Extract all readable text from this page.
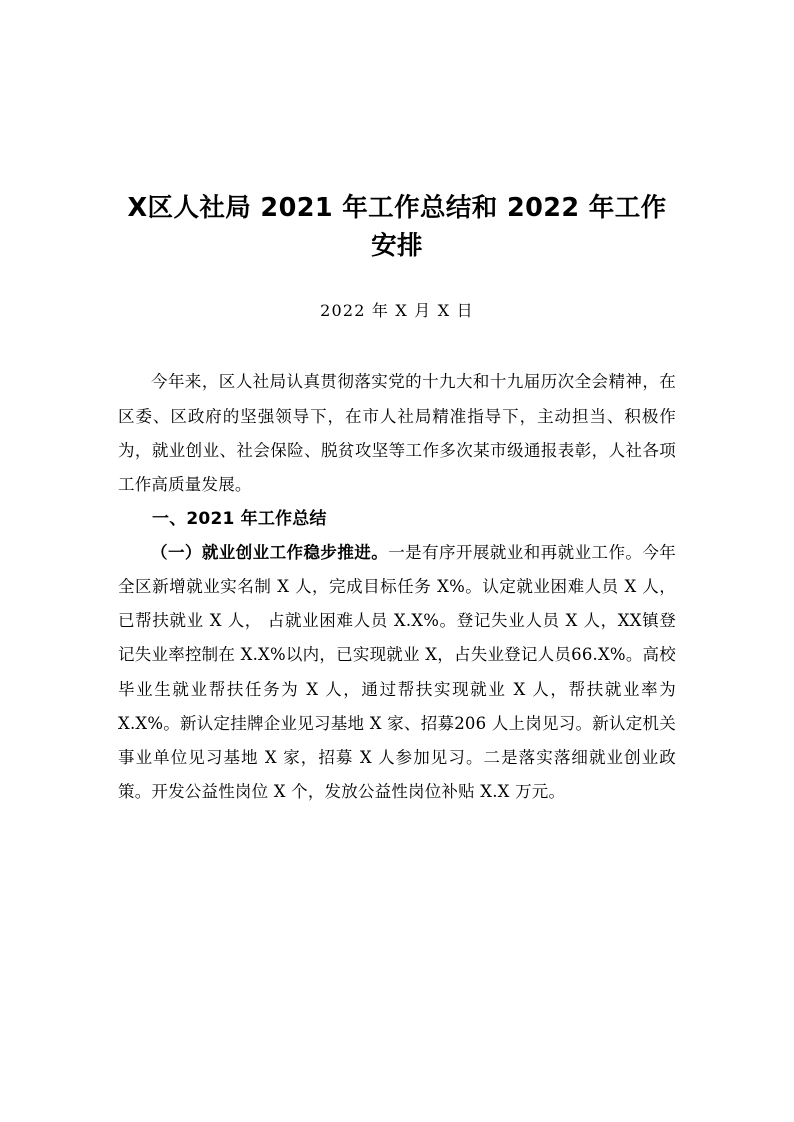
X区人社局 2021 年工作总结和 2022 年工作安排

2022 年 X 月 X 日

今年来，区人社局认真贯彻落实党的十九大和十九届历次全会精神，在区委、区政府的坚强领导下，在市人社局精准指导下，主动担当、积极作为，就业创业、社会保险、脱贫攻坚等工作多次某市级通报表彰，人社各项工作高质量发展。

一、2021 年工作总结

（一）就业创业工作稳步推进。一是有序开展就业和再就业工作。今年全区新增就业实名制 X 人，完成目标任务 X%。认定就业困难人员 X 人，已帮扶就业 X 人， 占就业困难人员 X.X%。登记失业人员 X 人，XX镇登记失业率控制在 X.X%以内，已实现就业 X，占失业登记人员66.X%。高校毕业生就业帮扶任务为 X 人，通过帮扶实现就业 X 人，帮扶就业率为 X.X%。新认定挂牌企业见习基地 X 家、招募206 人上岗见习。新认定机关事业单位见习基地 X 家，招募 X 人参加见习。二是落实落细就业创业政策。开发公益性岗位 X 个，发放公益性岗位补贴 X.X 万元。
